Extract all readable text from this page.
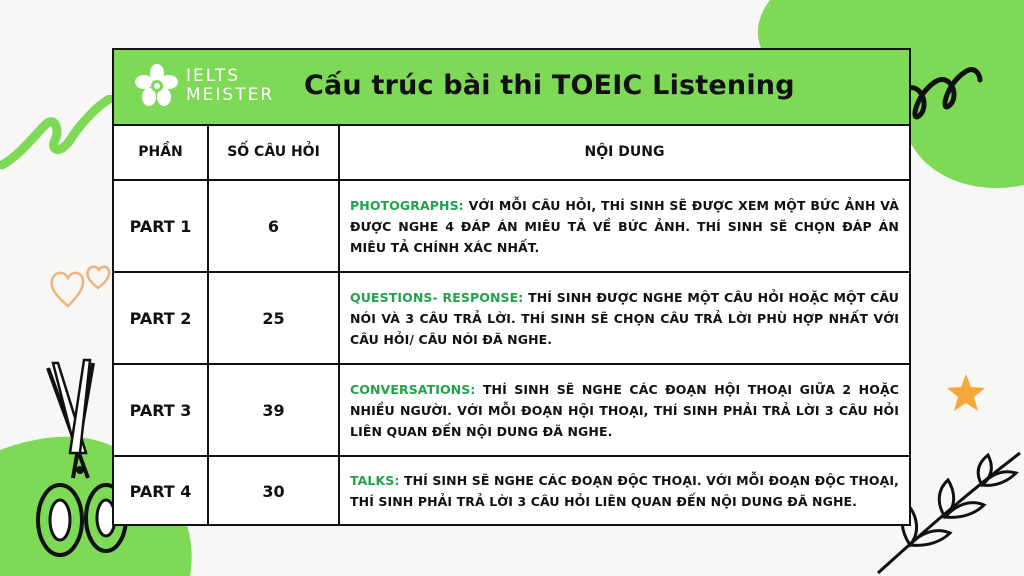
IELTS
MEISTER Cấu trúc bài thi TOEIC Listening
PHẦN	SỐ CÂU HỎI	NỘI DUNG
PART 1	6	PHOTOGRAPHS: VỚI MỖI CÂU HỎI, THÍ SINH SẼ ĐƯỢC XEM MỘT BỨC ẢNH VÀ ĐƯỢC NGHE 4 ĐÁP ÁN MIÊU TẢ VỀ BỨC ẢNH. THÍ SINH SẼ CHỌN ĐÁP ÁN MIÊU TẢ CHÍNH XÁC NHẤT.
PART 2	25	QUESTIONS- RESPONSE: THÍ SINH ĐƯỢC NGHE MỘT CÂU HỎI HOẶC MỘT CÂU NÓI VÀ 3 CÂU TRẢ LỜI. THÍ SINH SẼ CHỌN CÂU TRẢ LỜI PHÙ HỢP NHẤT VỚI CÂU HỎI/ CÂU NÓI ĐÃ NGHE.
PART 3	39	CONVERSATIONS: THÍ SINH SẼ NGHE CÁC ĐOẠN HỘI THOẠI GIỮA 2 HOẶC NHIỀU NGƯỜI. VỚI MỖI ĐOẠN HỘI THOẠI, THÍ SINH PHẢI TRẢ LỜI 3 CÂU HỎI LIÊN QUAN ĐẾN NỘI DUNG ĐÃ NGHE.
PART 4	30	TALKS: THÍ SINH SẼ NGHE CÁC ĐOẠN ĐỘC THOẠI. VỚI MỖI ĐOẠN ĐỘC THOẠI, THÍ SINH PHẢI TRẢ LỜI 3 CÂU HỎI LIÊN QUAN ĐẾN NỘI DUNG ĐÃ NGHE.
